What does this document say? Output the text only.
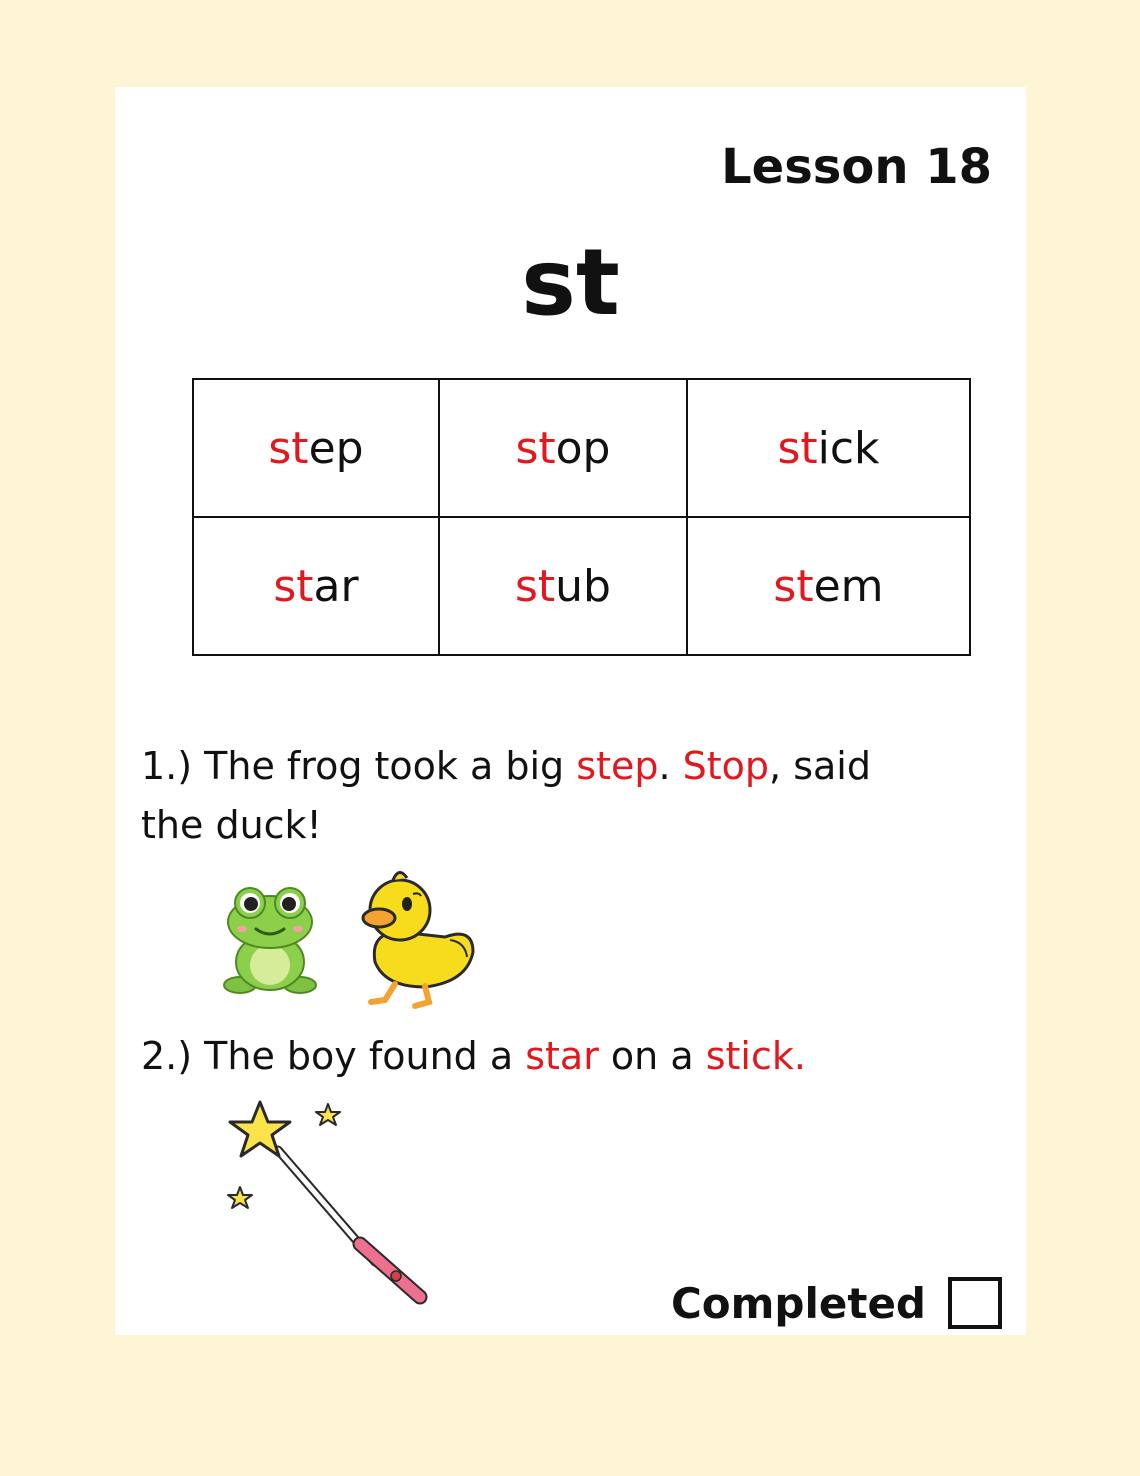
Lesson 18
st
step	stop	stick
star	stub	stem
1.) The frog took a big step. Stop, said the duck!
2.) The boy found a star on a stick.
Completed
